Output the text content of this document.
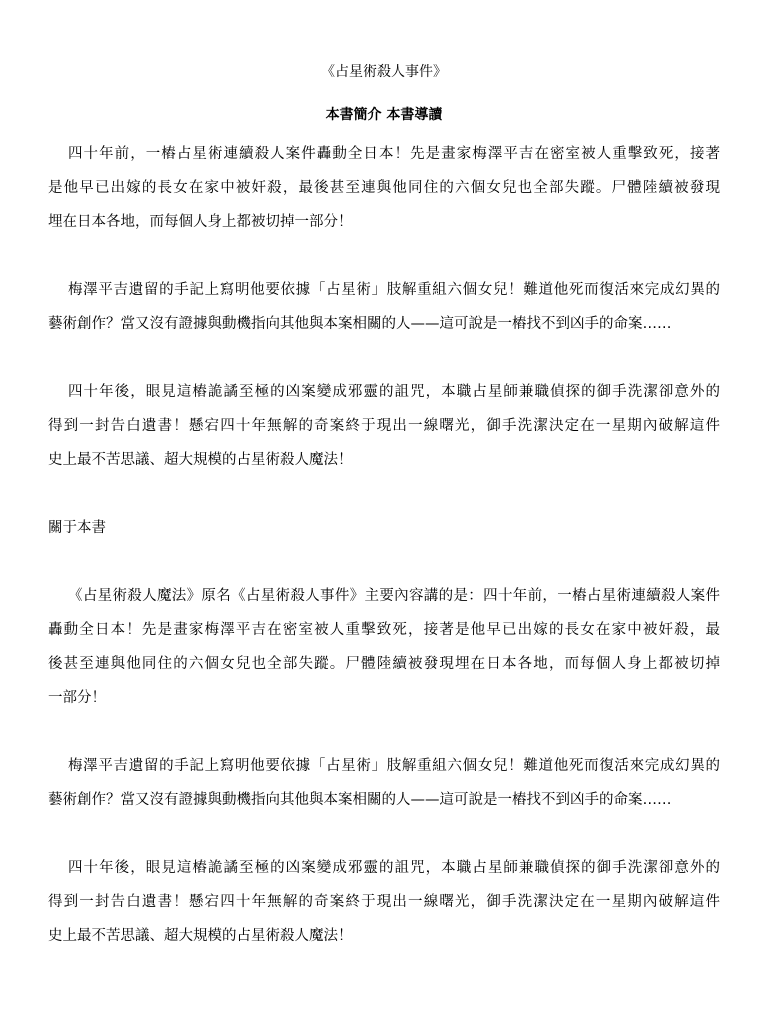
《占星術殺人事件》
本書簡介 本書導讀

四十年前，一樁占星術連續殺人案件轟動全日本！先是畫家梅澤平吉在密室被人重擊致死，接著
是他早已出嫁的長女在家中被奸殺，最後甚至連與他同住的六個女兒也全部失蹤。尸體陸續被發現
埋在日本各地，而每個人身上都被切掉一部分！

梅澤平吉遺留的手記上寫明他要依據「占星術」肢解重組六個女兒！難道他死而復活來完成幻異的
藝術創作？當又沒有證據與動機指向其他與本案相關的人——這可說是一樁找不到凶手的命案……

四十年後，眼見這樁詭譎至極的凶案變成邪靈的詛咒，本職占星師兼職偵探的御手洗潔卻意外的
得到一封告白遺書！懸宕四十年無解的奇案終于現出一線曙光，御手洗潔決定在一星期內破解這件
史上最不苦思議、超大規模的占星術殺人魔法！

關于本書

《占星術殺人魔法》原名《占星術殺人事件》主要內容講的是：四十年前，一樁占星術連續殺人案件
轟動全日本！先是畫家梅澤平吉在密室被人重擊致死，接著是他早已出嫁的長女在家中被奸殺，最
後甚至連與他同住的六個女兒也全部失蹤。尸體陸續被發現埋在日本各地，而每個人身上都被切掉
一部分！

梅澤平吉遺留的手記上寫明他要依據「占星術」肢解重組六個女兒！難道他死而復活來完成幻異的
藝術創作？當又沒有證據與動機指向其他與本案相關的人——這可說是一樁找不到凶手的命案……

四十年後，眼見這樁詭譎至極的凶案變成邪靈的詛咒，本職占星師兼職偵探的御手洗潔卻意外的
得到一封告白遺書！懸宕四十年無解的奇案終于現出一線曙光，御手洗潔決定在一星期內破解這件
史上最不苦思議、超大規模的占星術殺人魔法！
